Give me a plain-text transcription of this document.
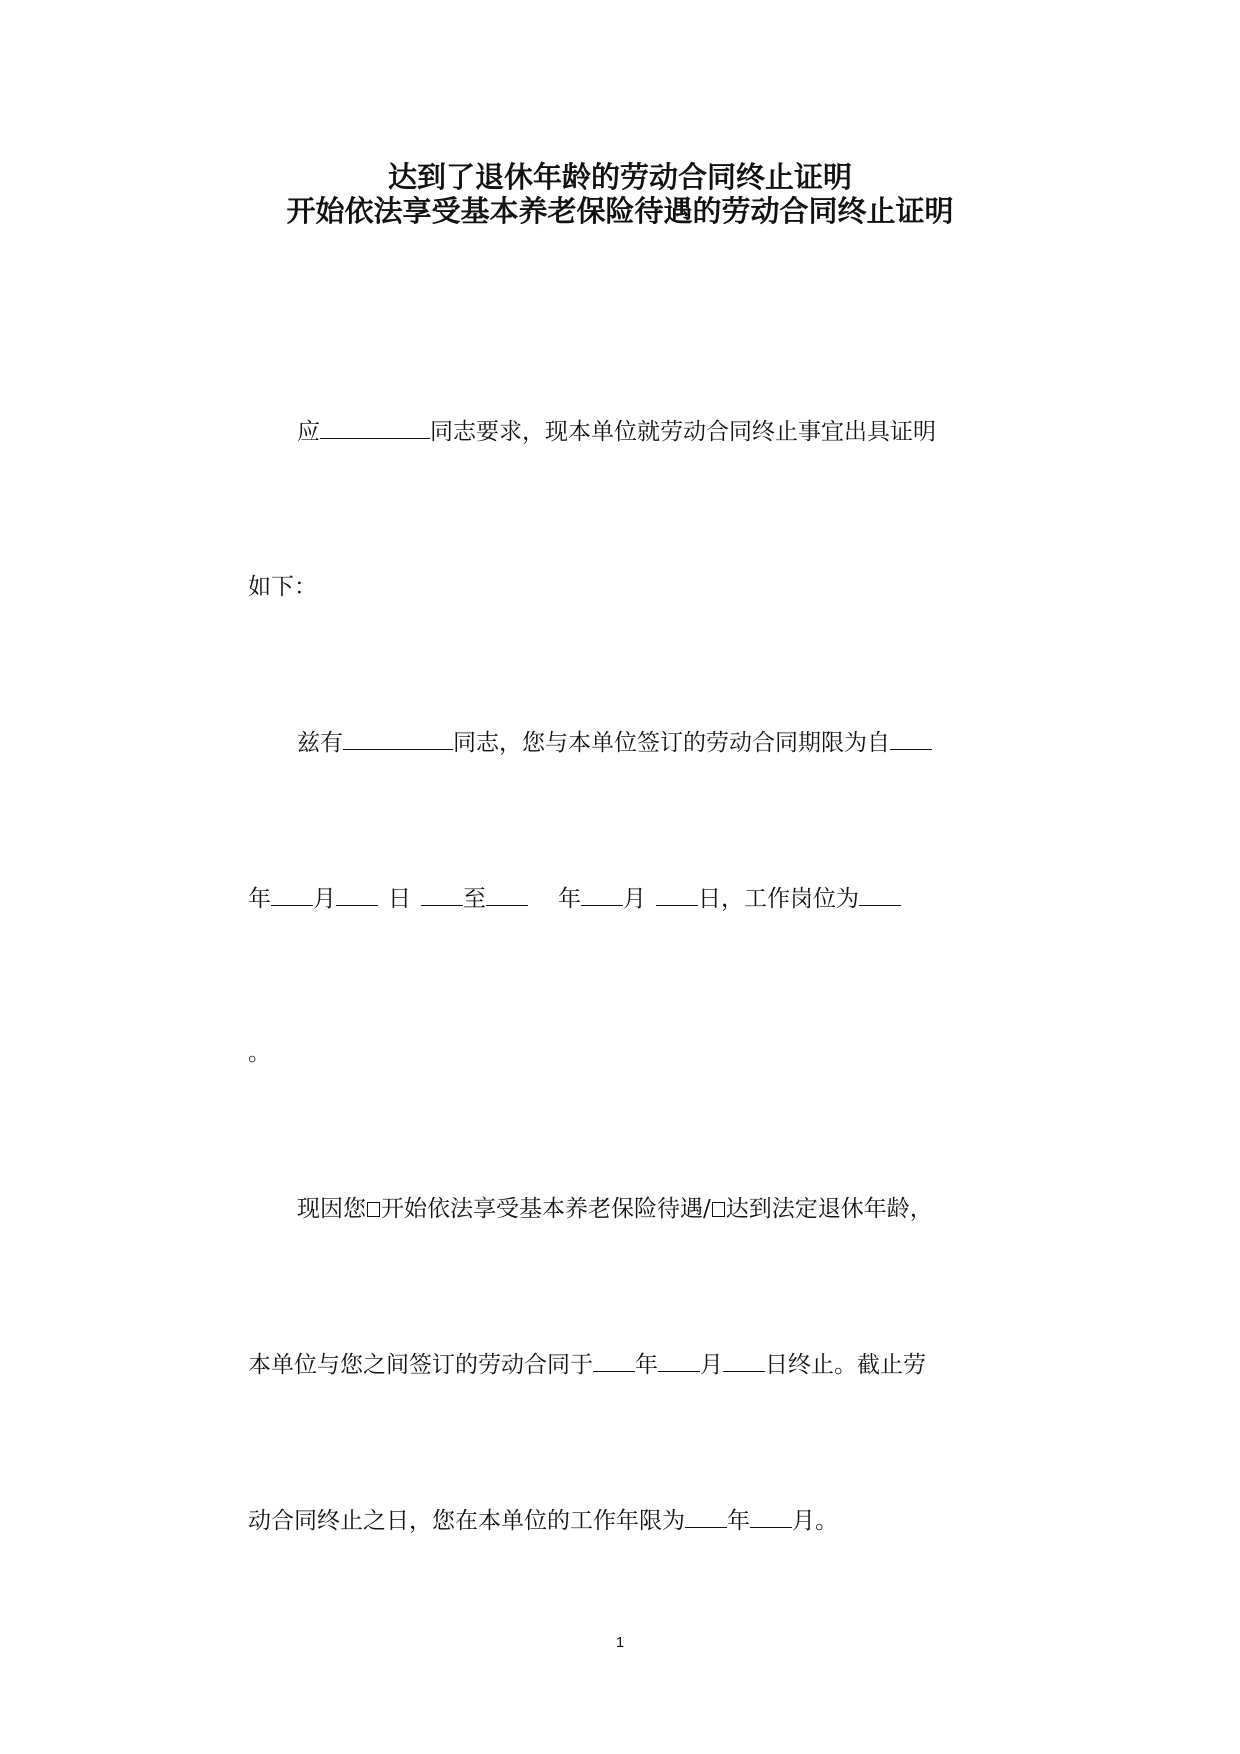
达到了退休年龄的劳动合同终止证明
开始依法享受基本养老保险待遇的劳动合同终止证明
应	同志要求，现本单位就劳动合同终止事宜出具证明
如下：
兹有	同志，您与本单位签订的劳动合同期限为自
年 月 日 至	年 月 日，工作岗位为
。
现因您 开始依法享受基本养老保险待遇/ 达到法定退休年龄，
本单位与您之间签订的劳动合同于 年 月 日终止。截止劳
动合同终止之日，您在本单位的工作年限为 年 月。
1
